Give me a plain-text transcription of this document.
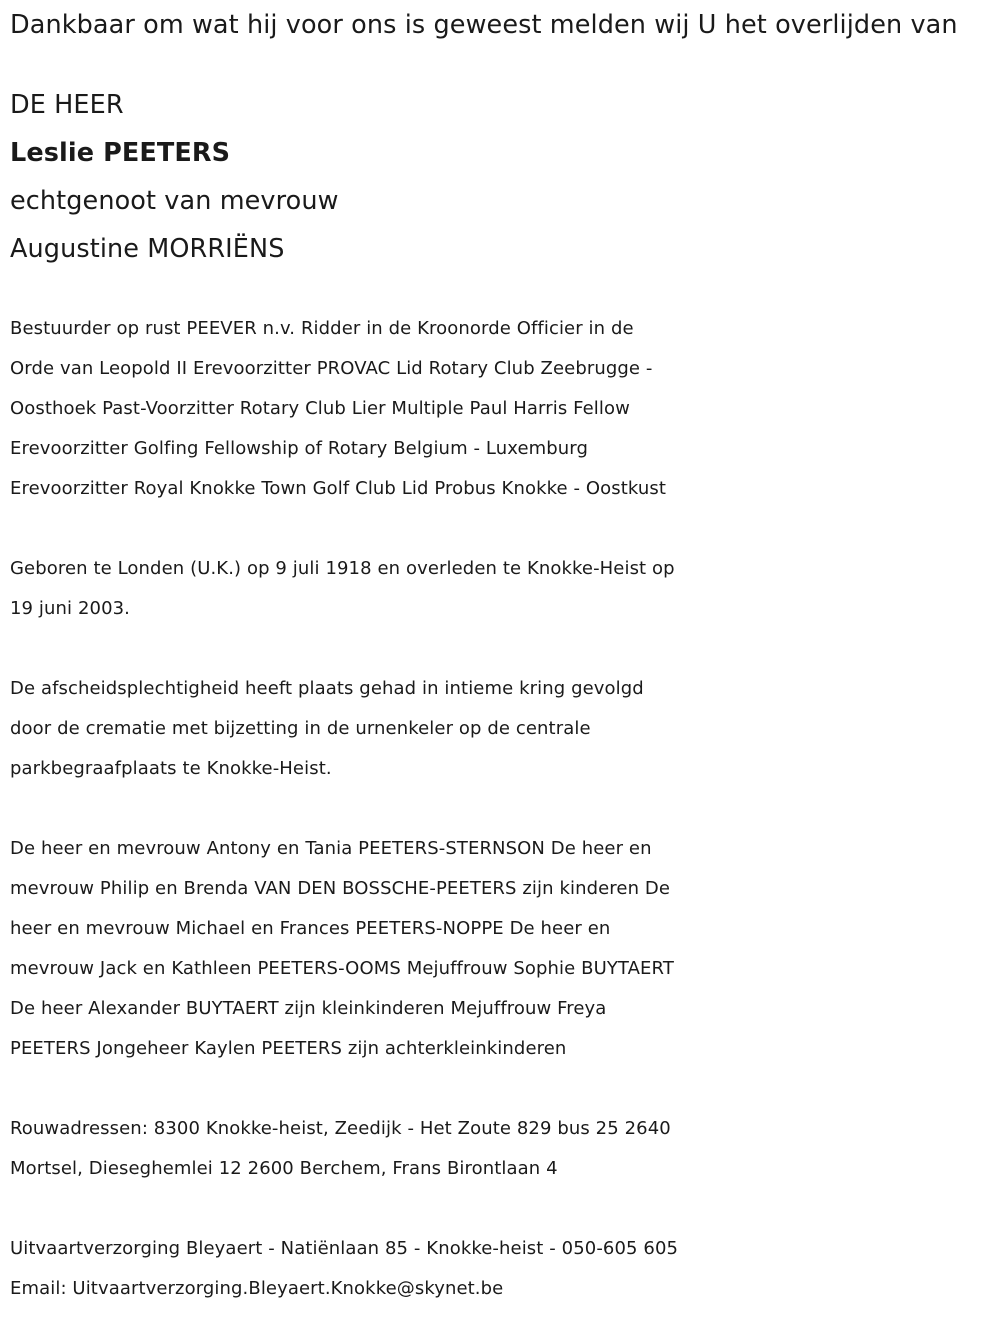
Dankbaar om wat hij voor ons is geweest melden wij U het overlijden van
DE HEER
Leslie PEETERS
echtgenoot van mevrouw
Augustine MORRIËNS
Bestuurder op rust PEEVER n.v. Ridder in de Kroonorde Officier in de
Orde van Leopold II Erevoorzitter PROVAC Lid Rotary Club Zeebrugge -
Oosthoek Past-Voorzitter Rotary Club Lier Multiple Paul Harris Fellow
Erevoorzitter Golfing Fellowship of Rotary Belgium - Luxemburg
Erevoorzitter Royal Knokke Town Golf Club Lid Probus Knokke - Oostkust
Geboren te Londen (U.K.) op 9 juli 1918 en overleden te Knokke-Heist op
19 juni 2003.
De afscheidsplechtigheid heeft plaats gehad in intieme kring gevolgd
door de crematie met bijzetting in de urnenkeler op de centrale
parkbegraafplaats te Knokke-Heist.
De heer en mevrouw Antony en Tania PEETERS-STERNSON De heer en
mevrouw Philip en Brenda VAN DEN BOSSCHE-PEETERS zijn kinderen De
heer en mevrouw Michael en Frances PEETERS-NOPPE De heer en
mevrouw Jack en Kathleen PEETERS-OOMS Mejuffrouw Sophie BUYTAERT
De heer Alexander BUYTAERT zijn kleinkinderen Mejuffrouw Freya
PEETERS Jongeheer Kaylen PEETERS zijn achterkleinkinderen
Rouwadressen: 8300 Knokke-heist, Zeedijk - Het Zoute 829 bus 25 2640
Mortsel, Dieseghemlei 12 2600 Berchem, Frans Birontlaan 4
Uitvaartverzorging Bleyaert - Natiënlaan 85 - Knokke-heist - 050-605 605
Email: Uitvaartverzorging.Bleyaert.Knokke@skynet.be
